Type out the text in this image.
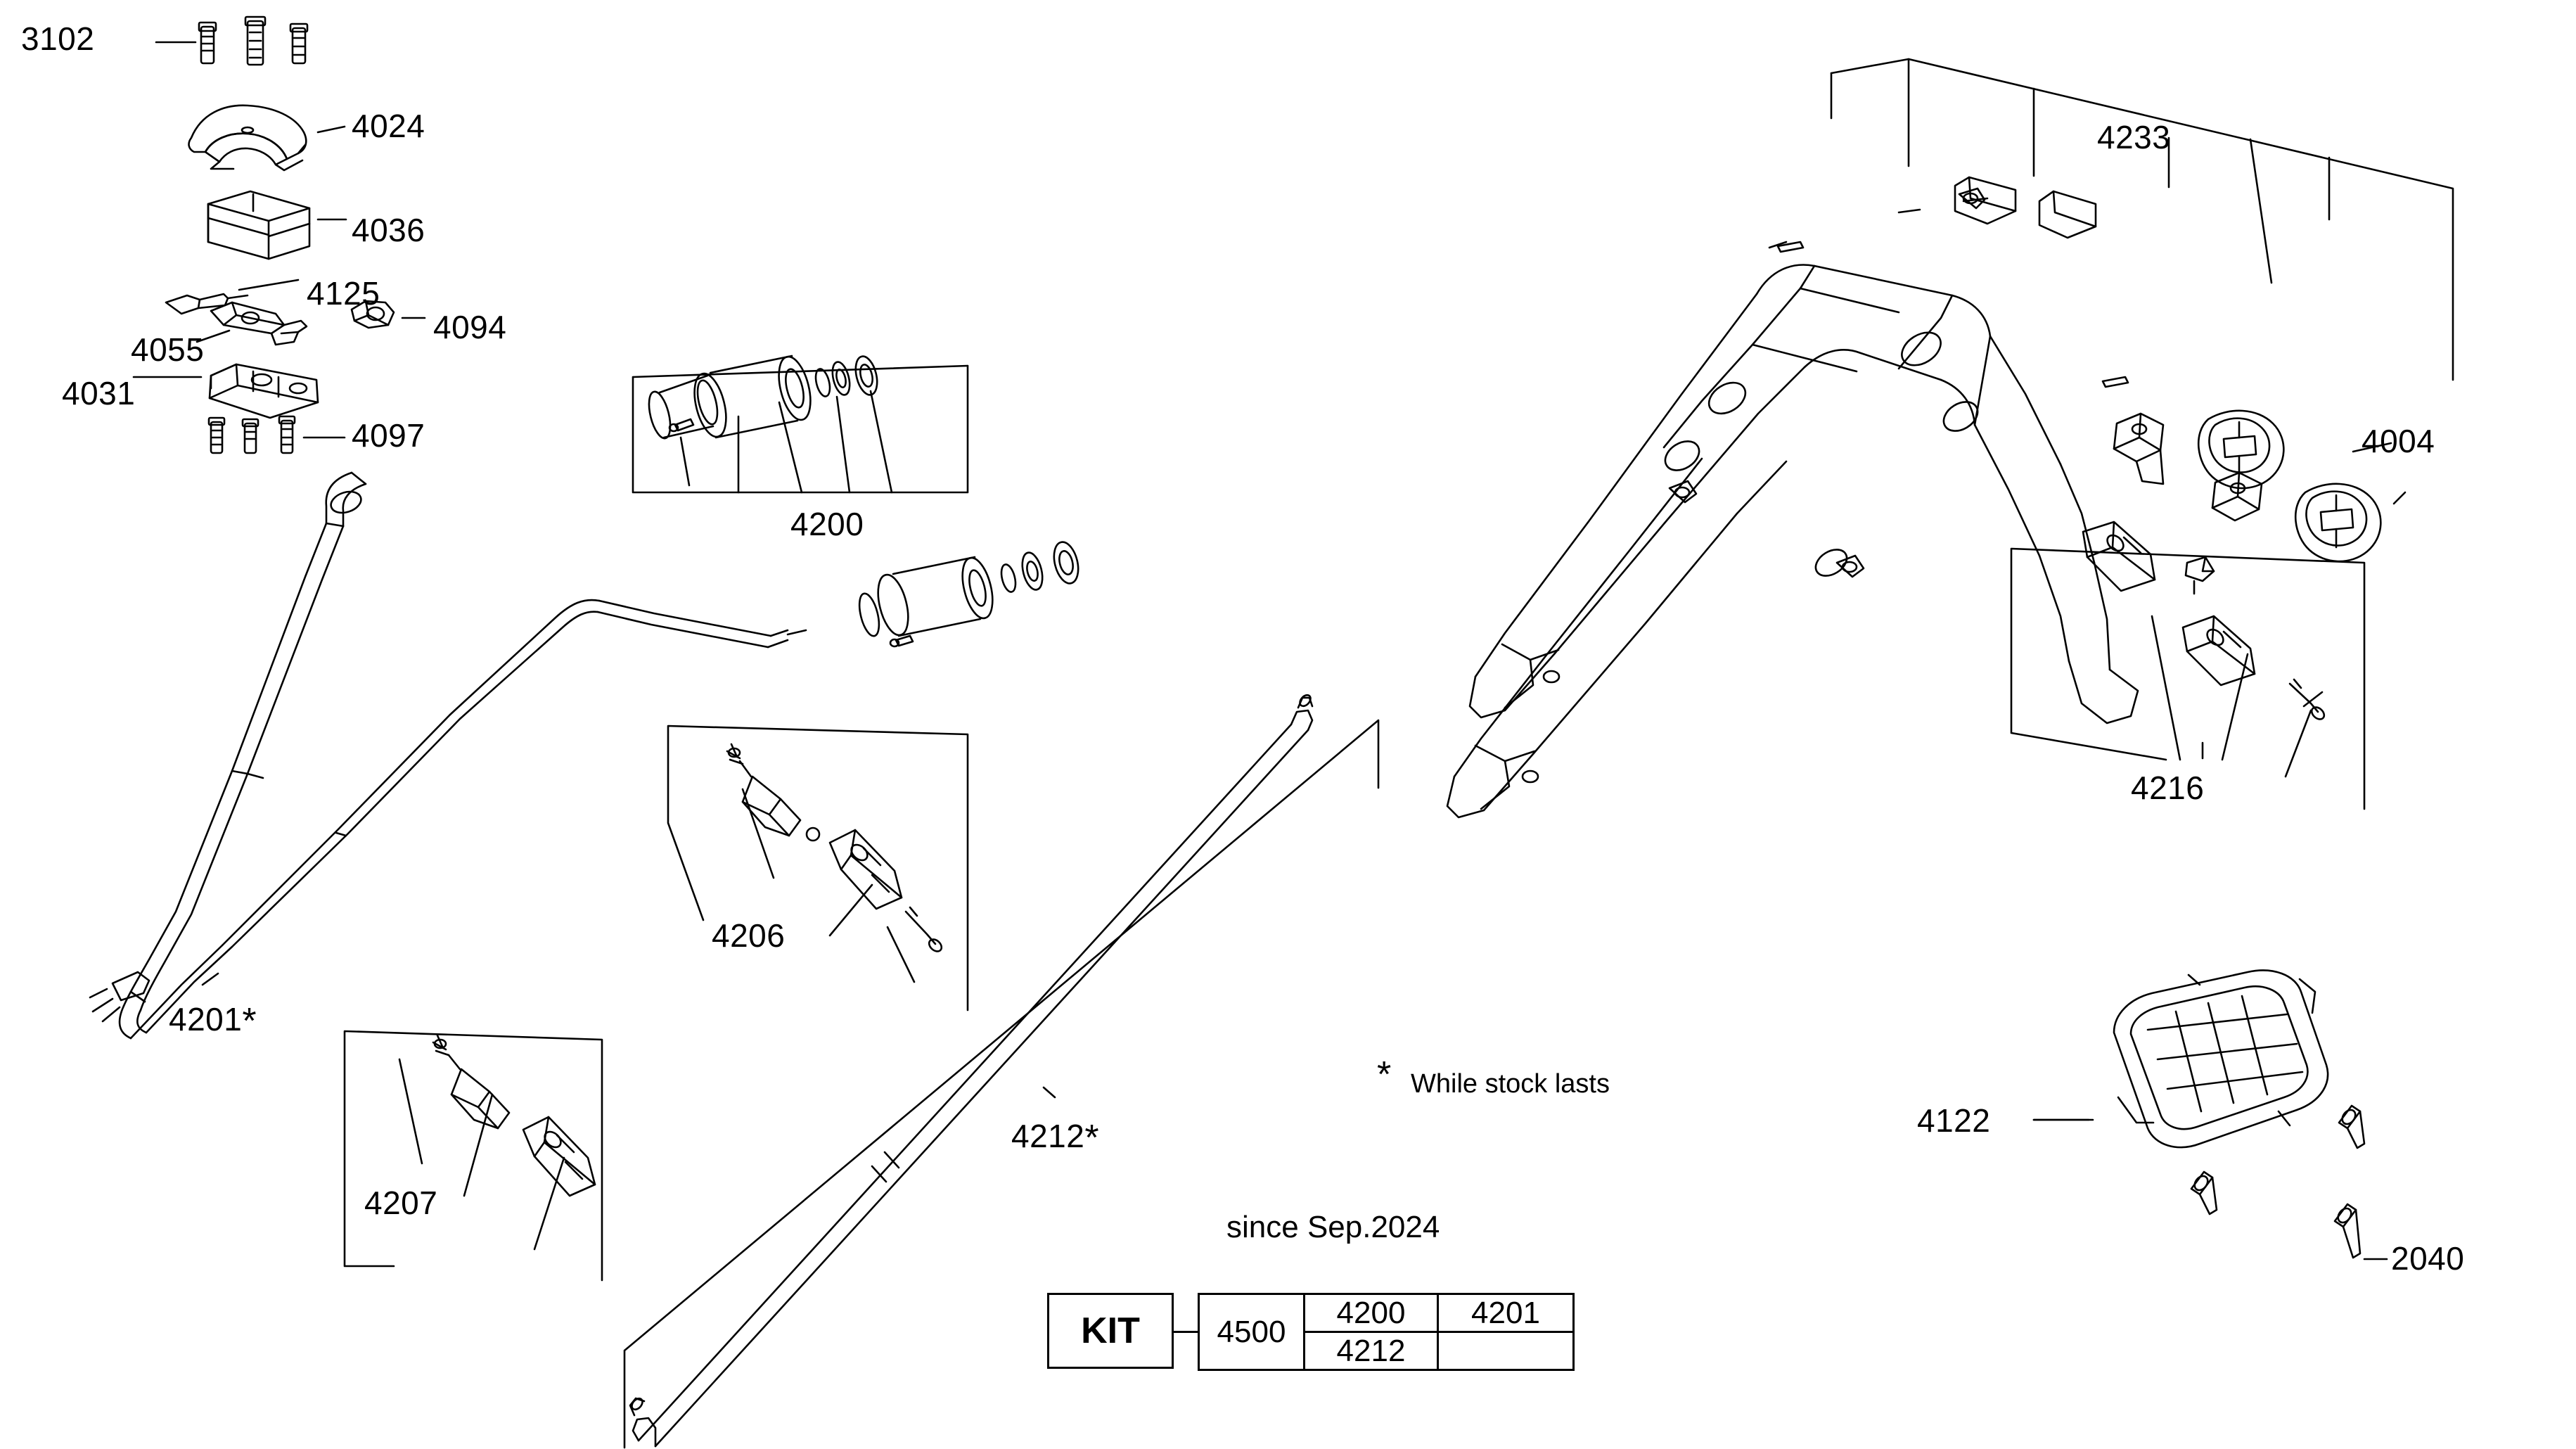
3102
4024
4036
4125
4094
4055
4031
4097
4200
4206
4207
4201 *
4212 *
4233
4004
4216
4122
2040
* While stock lasts
since Sep.2024
KIT 4500
4200 4201
4212
